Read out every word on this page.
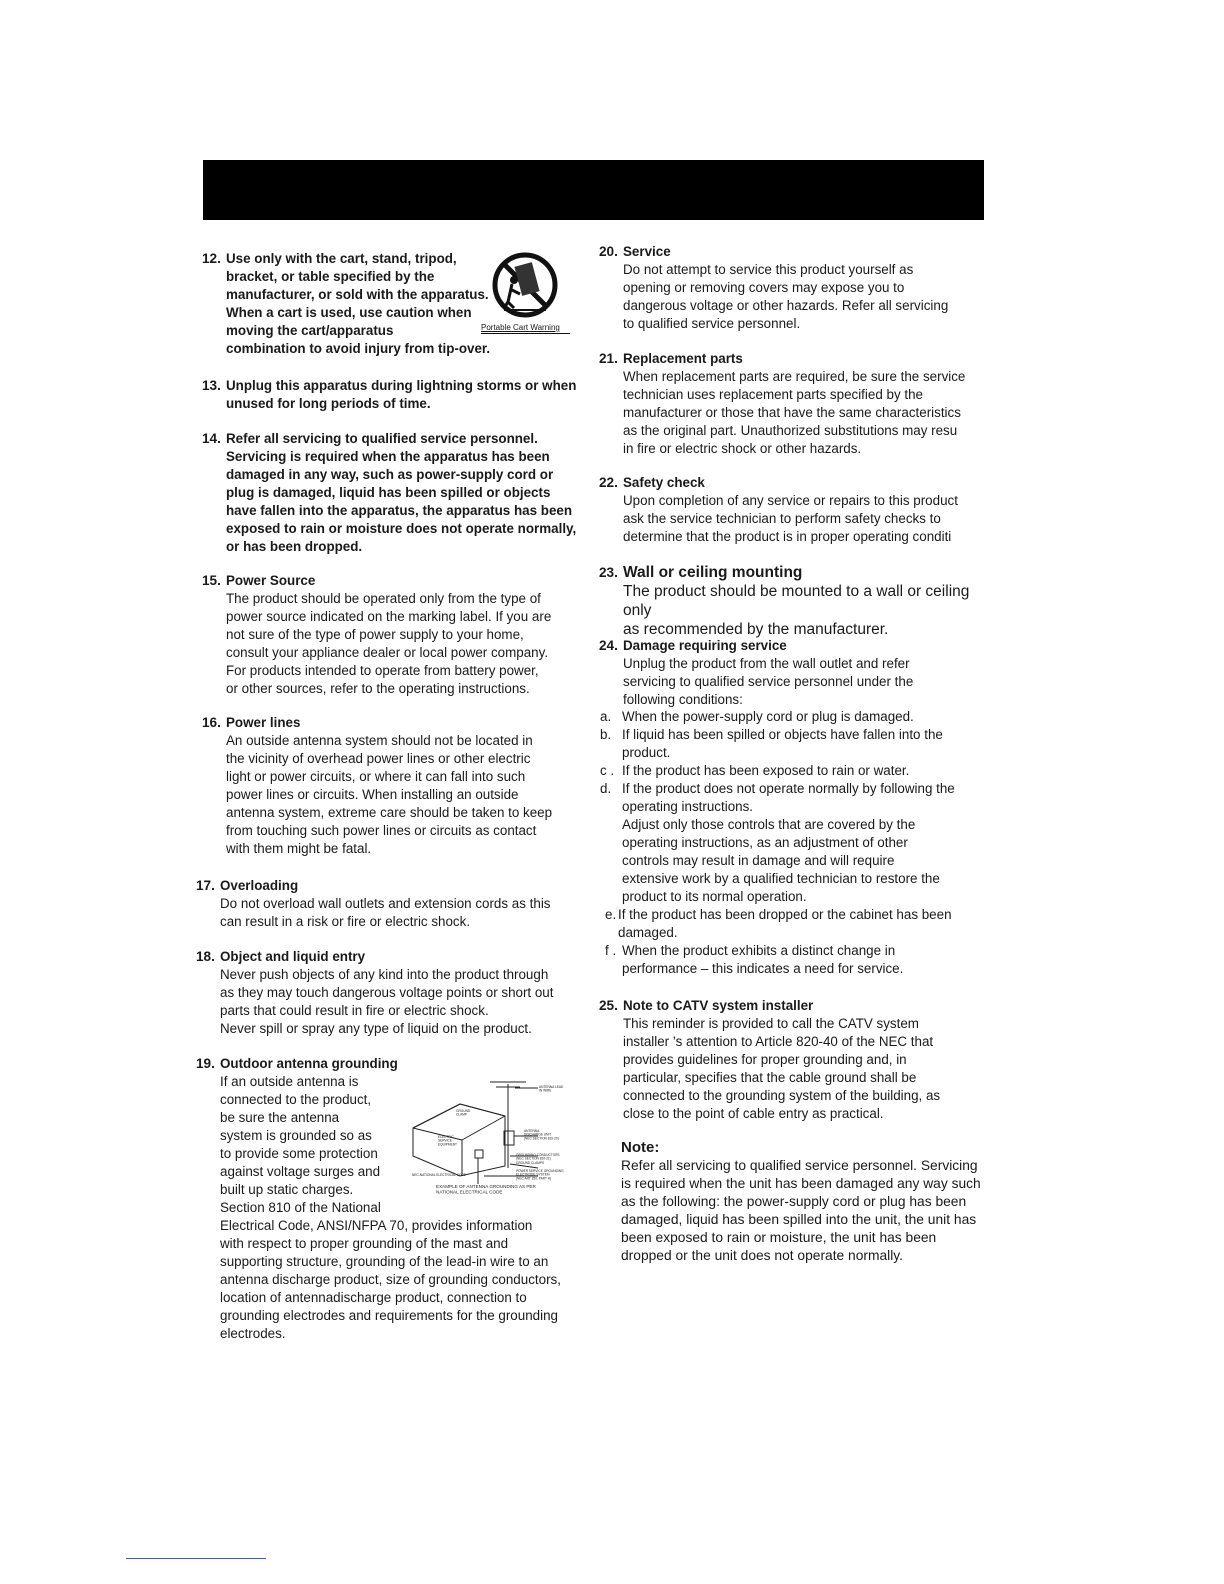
12. Use only with the cart, stand, tripod,
bracket, or table specified by the
manufacturer, or sold with the apparatus.
When a cart is used, use caution when
moving the cart/apparatus
combination to avoid injury from tip-over.
Portable Cart Warning
13. Unplug this apparatus during lightning storms or when
unused for long periods of time.
14. Refer all servicing to qualified service personnel.
Servicing is required when the apparatus has been
damaged in any way, such as power-supply cord or
plug is damaged, liquid has been spilled or objects
have fallen into the apparatus, the apparatus has been
exposed to rain or moisture does not operate normally,
or has been dropped.
15. Power Source
The product should be operated only from the type of
power source indicated on the marking label. If you are
not sure of the type of power supply to your home,
consult your appliance dealer or local power company.
For products intended to operate from battery power,
or other sources, refer to the operating instructions.
16. Power lines
An outside antenna system should not be located in
the vicinity of overhead power lines or other electric
light or power circuits, or where it can fall into such
power lines or circuits. When installing an outside
antenna system, extreme care should be taken to keep
from touching such power lines or circuits as contact
with them might be fatal.
17. Overloading
Do not overload wall outlets and extension cords as this
can result in a risk or fire or electric shock.
18. Object and liquid entry
Never push objects of any kind into the product through
as they may touch dangerous voltage points or short out
parts that could result in fire or electric shock.
Never spill or spray any type of liquid on the product.
19. Outdoor antenna grounding
If an outside antenna is
connected to the product,
be sure the antenna
system is grounded so as
to provide some protection
against voltage surges and
built up static charges.
Section 810 of the National
Electrical Code, ANSI/NFPA 70, provides information
with respect to proper grounding of the mast and
supporting structure, grounding of the lead-in wire to an
antenna discharge product, size of grounding conductors,
location of antennadischarge product, connection to
grounding electrodes and requirements for the grounding
electrodes.
ANTENNA LEAD IN WIRE
GROUND CLAMP
ELECTRIC SERVICE EQUIPMENT
ANTENNA DISCHARGE UNIT (NEC SECTION 810-20)
GROUNDING CONDUCTORS (NEC SECTION 810-21)
GROUND CLAMPS
POWER SERVICE GROUNDING ELECTRODE SYSTEM (NEC ART 250, PART H)
NEC-NATIONAL ELECTRICAL CODE
EXAMPLE OF ANTENNA GROUNDING AS PER NATIONAL ELECTRICAL CODE
20. Service
Do not attempt to service this product yourself as
opening or removing covers may expose you to
dangerous voltage or other hazards. Refer all servicing
to qualified service personnel.
21. Replacement parts
When replacement parts are required, be sure the service
technician uses replacement parts specified by the
manufacturer or those that have the same characteristics
as the original part. Unauthorized substitutions may resu
in fire or electric shock or other hazards.
22. Safety check
Upon completion of any service or repairs to this product
ask the service technician to perform safety checks to
determine that the product is in proper operating conditi
23. Wall or ceiling mounting
The product should be mounted to a wall or ceiling only
as recommended by the manufacturer.
24. Damage requiring service
Unplug the product from the wall outlet and refer
servicing to qualified service personnel under the
following conditions:
a. When the power-supply cord or plug is damaged.
b. If liquid has been spilled or objects have fallen into the
product.
c . If the product has been exposed to rain or water.
d. If the product does not operate normally by following the
operating instructions.
Adjust only those controls that are covered by the
operating instructions, as an adjustment of other
controls may result in damage and will require
extensive work by a qualified technician to restore the
product to its normal operation.
e. If the product has been dropped or the cabinet has been
damaged.
f . When the product exhibits a distinct change in
performance – this indicates a need for service.
25. Note to CATV system installer
This reminder is provided to call the CATV system
installer ’s attention to Article 820-40 of the NEC that
provides guidelines for proper grounding and, in
particular, specifies that the cable ground shall be
connected to the grounding system of the building, as
close to the point of cable entry as practical.
Note:
Refer all servicing to qualified service personnel. Servicing
is required when the unit has been damaged any way such
as the following: the power-supply cord or plug has been
damaged, liquid has been spilled into the unit, the unit has
been exposed to rain or moisture, the unit has been
dropped or the unit does not operate normally.
